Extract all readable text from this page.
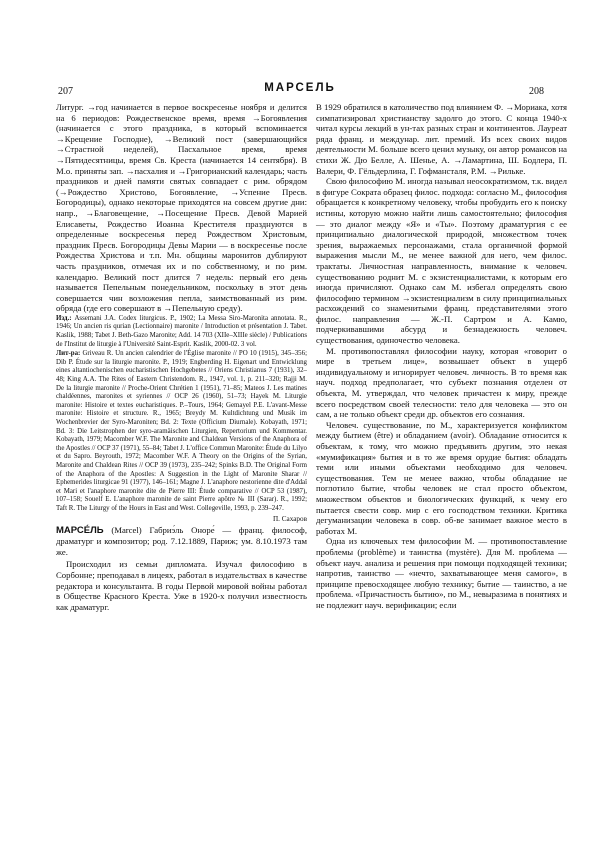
207	МАРСЕЛЬ	208

Литург. →год начинается в первое воскресенье ноября и делится на 6 периодов: Рождественское время, время →Богоявления (начинается с этого праздника, в который вспоминается →Крещение Господне), →Великий пост (завершающийся →Страстной неделей), Пасхальное время, время →Пятидесятницы, время Св. Креста (начинается 14 сентября). В М.о. приняты зап. →пасхалия и →Григорианский календарь; часть праздников и дней памяти святых совпадает с рим. обрядом (→Рождество Христово, Богоявление, →Успение Пресв. Богородицы), однако некоторые приходятся на совсем другие дни: напр., →Благовещение, →Посещение Пресв. Девой Марией Елисаветы, Рождество Иоанна Крестителя празднуются в определенные воскресенья перед Рождеством Христовым, праздник Пресв. Богородицы Девы Марии — в воскресенье после Рождества Христова и т.п. Мн. общины маронитов дублируют часть праздников, отмечая их и по собственному, и по рим. календарю. Великий пост длится 7 недель: первый его день называется Пепельным понедельником, поскольку в этот день совершается чин возложения пепла, заимствованный из рим. обряда (где его совершают в →Пепельную среду).

Изд.: Assemani J.A. Codex liturgicus. P., 1902; La Messa Siro-Maronita annotata. R., 1946; Un ancien ris qurian (Lectionnaire) maronite / Introduction et présentation J. Tabet. Kaslik, 1988; Tabet J. Beth-Gazo Maronite; Add. 14 703 (XIIe–XIIIe siècle) / Publications de l'Institut de liturgie à l'Université Saint-Esprit. Kaslik, 2000-02. 3 vol.

Лит-ра: Griveau R. Un ancien calendrier de l'Église maronite // PO 10 (1915), 345–356; Dib P. Étude sur la liturgie maronite. P., 1919; Engberding H. Eigenart und Entwicklung eines altantiochenischen eucharistischen Hochgebetes // Oriens Christianus 7 (1931), 32–48; King A.A. The Rites of Eastern Christendom. R., 1947, vol. 1, p. 211–320; Rajji M. De la liturgie maronite // Proche-Orient Chrétien 1 (1951), 71–85; Mateos J. Les matines chaldéennes, maronites et syriennes // OCP 26 (1960), 51–73; Hayek M. Liturgie maronite: Histoire et textes eucharistiques. P.–Tours, 1964; Gemayel P.E. L'avant-Messe maronite: Histoire et structure. R., 1965; Breydy M. Kultdichtung und Musik im Wochenbrevier der Syro-Maroniten; Bd. 2: Texte (Officium Diurnale). Kobayath, 1971; Bd. 3: Die Leitstrophen der syro-aramäischen Liturgien, Repertorium und Kommentar. Kobayath, 1979; Macomber W.F. The Maronite and Chaldean Versions of the Anaphora of the Apostles // OCP 37 (1971), 55–84; Tabet J. L'office Commun Maronite: Étude du Lilyo et du Sapro. Beyrouth, 1972; Macomber W.F. A Theory on the Origins of the Syrian, Maronite and Chaldean Rites // OCP 39 (1973), 235–242; Spinks B.D. The Original Form of the Anaphora of the Apostles: A Suggestion in the Light of Maronite Sharar // Ephemerides liturgicae 91 (1977), 146–161; Magne J. L'anaphore nestorienne dite d'Addaï et Mari et l'anaphore maronite dite de Pierre III: Étude comparative // OCP 53 (1987), 107–158; Souelf E. L'anaphore maronite de saint Pierre apôtre № III (Sarar). R., 1992; Taft R. The Liturgy of the Hours in East and West. Collegeville, 1993, p. 239–247.

П. Сахаров

МАРСЕ́ЛЬ (Marcel) Габриэ́ль Оноре́ — франц. философ, драматург и композитор; род. 7.12.1889, Париж; ум. 8.10.1973 там же.

Происходил из семьи дипломата. Изучал философию в Сорбонне; преподавал в лицеях, работал в издательствах в качестве редактора и консультанта. В годы Первой мировой войны работал в Обществе Красного Креста. Уже в 1920-х получил известность как драматург.

В 1929 обратился в католичество под влиянием Ф. →Мориака, хотя симпатизировал христианству задолго до этого. С конца 1940-х читал курсы лекций в ун-тах разных стран и континентов. Лауреат ряда франц. и междунар. лит. премий. Из всех своих видов деятельности М. больше всего ценил музыку, он автор романсов на стихи Ж. Дю Белле, А. Шенье, А. →Ламартина, Ш. Бодлера, П. Валери, Ф. Гёльдерлина, Г. Гофмансталя, Р.М. →Рильке.

Свою философию М. иногда называл неосократизмом, т.к. видел в фигуре Сократа образец филос. подхода: согласно М., философия обращается к конкретному человеку, чтобы пробудить его к поиску истины, которую можно найти лишь самостоятельно; философия — это диалог между «Я» и «Ты». Поэтому драматургия с ее принципиально диалогической природой, множеством точек зрения, выражаемых персонажами, стала органичной формой выражения мысли М., не менее важной для него, чем филос. трактаты. Личностная направленность, внимание к человеч. существованию роднит М. с экзистенциалистами, к которым его иногда причисляют. Однако сам М. избегал определять свою философию термином →экзистенциализм в силу принципиальных расхождений со знаменитыми франц. представителями этого филос. направления — Ж.-П. Сартром и А. Камю, подчеркивавшими абсурд и безнадежность человеч. существования, одиночество человека.

М. противопоставлял философии науку, которая «говорит о мире в третьем лице», возвышает объект в ущерб индивидуальному и игнорирует человеч. личность. В то время как науч. подход предполагает, что субъект познания отделен от объекта, М. утверждал, что человек причастен к миру, прежде всего посредством своей телесности: тело для человека — это он сам, а не только объект среди др. объектов его сознания.

Человеч. существование, по М., характеризуется конфликтом между бытием (être) и обладанием (avoir). Обладание относится к объектам, к тому, что можно предъявить другим, это некая «мумификация» бытия и в то же время орудие бытия: обладать теми или иными объектами необходимо для человеч. существования. Тем не менее важно, чтобы обладание не поглотило бытие, чтобы человек не стал просто объектом, множеством объектов и биологических функций, к чему его пытается свести совр. мир с его господством техники. Критика дегуманизации человека в совр. об-ве занимает важное место в работах М.

Одна из ключевых тем философии М. — противопоставление проблемы (problème) и таинства (mystère). Для М. проблема — объект науч. анализа и решения при помощи подходящей техники; напротив, таинство — «нечто, захватывающее меня самого», в принципе превосходящее любую технику; бытие — таинство, а не проблема. «Причастность бытию», по М., невыразима в понятиях и не подлежит науч. верификации; если
